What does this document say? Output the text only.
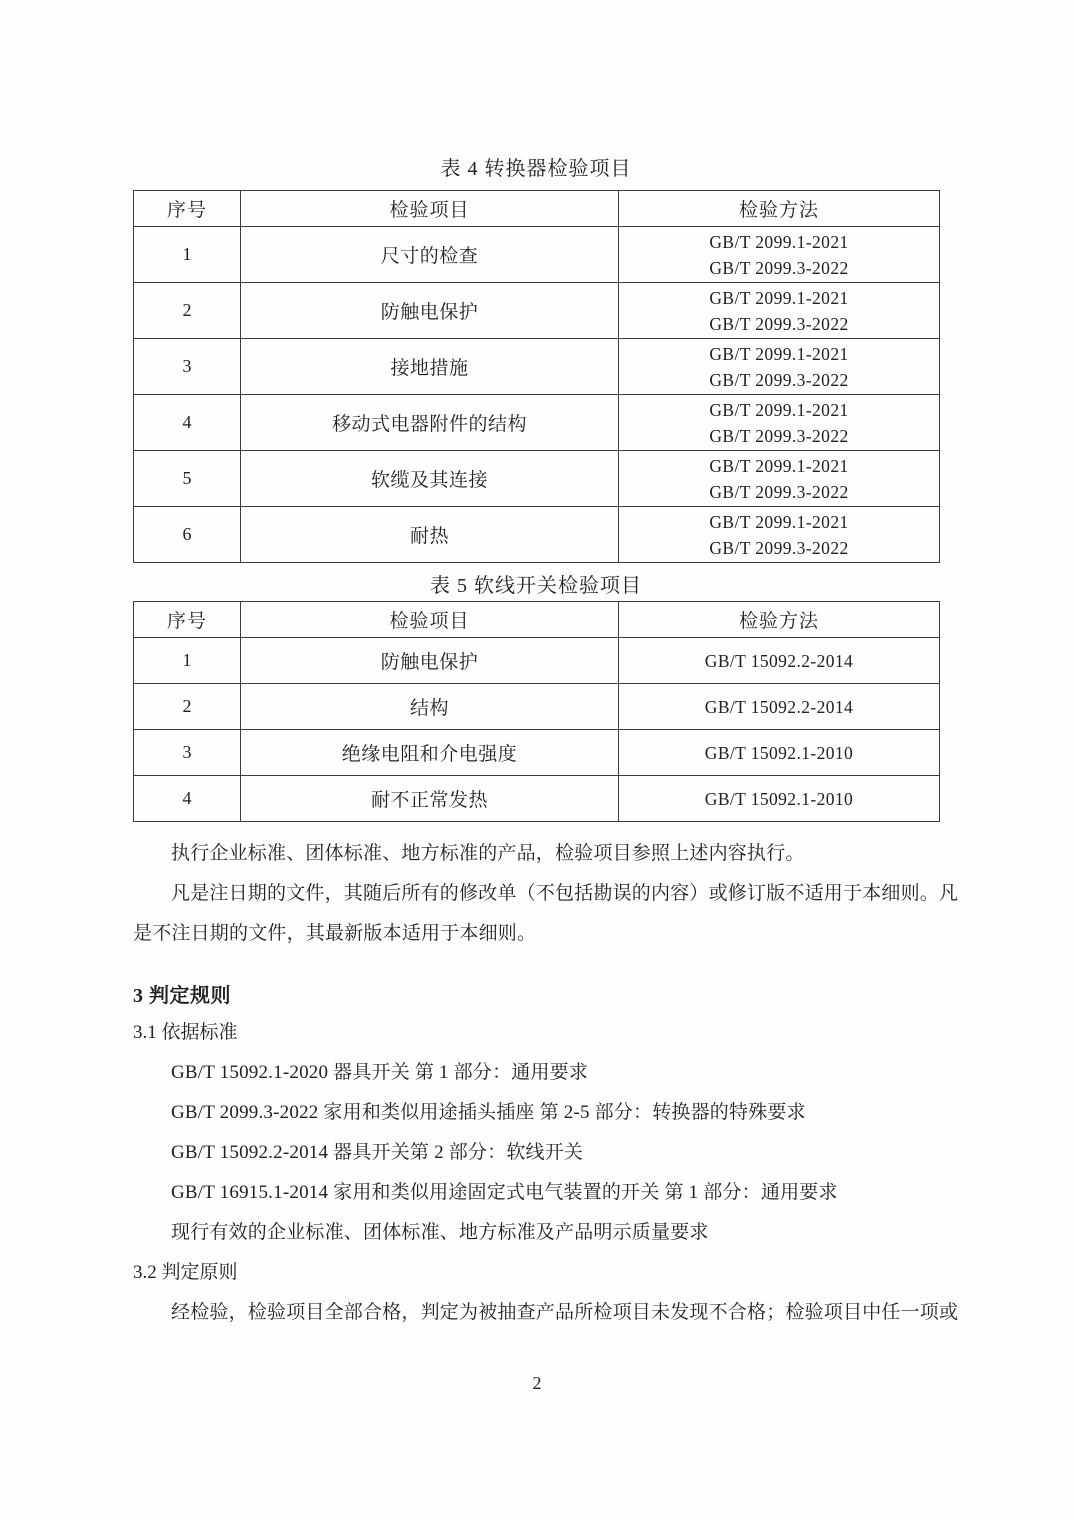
表 4 转换器检验项目
序号	检验项目	检验方法
1	尺寸的检查	GB/T 2099.1-2021
GB/T 2099.3-2022

2	防触电保护	GB/T 2099.1-2021
GB/T 2099.3-2022

3	接地措施	GB/T 2099.1-2021
GB/T 2099.3-2022

4	移动式电器附件的结构	GB/T 2099.1-2021
GB/T 2099.3-2022

5	软缆及其连接	GB/T 2099.1-2021
GB/T 2099.3-2022

6	耐热	GB/T 2099.1-2021
GB/T 2099.3-2022
表 5 软线开关检验项目
序号	检验项目	检验方法
1	防触电保护	GB/T 15092.2-2014
2	结构	GB/T 15092.2-2014
3	绝缘电阻和介电强度	GB/T 15092.1-2010
4	耐不正常发热	GB/T 15092.1-2010
执行企业标准、团体标准、地方标准的产品，检验项目参照上述内容执行。
凡是注日期的文件，其随后所有的修改单（不包括勘误的内容）或修订版不适用于本细则。凡
是不注日期的文件，其最新版本适用于本细则。
3 判定规则
3.1 依据标准
GB/T 15092.1-2020 器具开关 第 1 部分：通用要求
GB/T 2099.3-2022 家用和类似用途插头插座 第 2-5 部分：转换器的特殊要求
GB/T 15092.2-2014 器具开关第 2 部分：软线开关
GB/T 16915.1-2014 家用和类似用途固定式电气装置的开关 第 1 部分：通用要求
现行有效的企业标准、团体标准、地方标准及产品明示质量要求
3.2 判定原则
经检验，检验项目全部合格，判定为被抽查产品所检项目未发现不合格；检验项目中任一项或
2
